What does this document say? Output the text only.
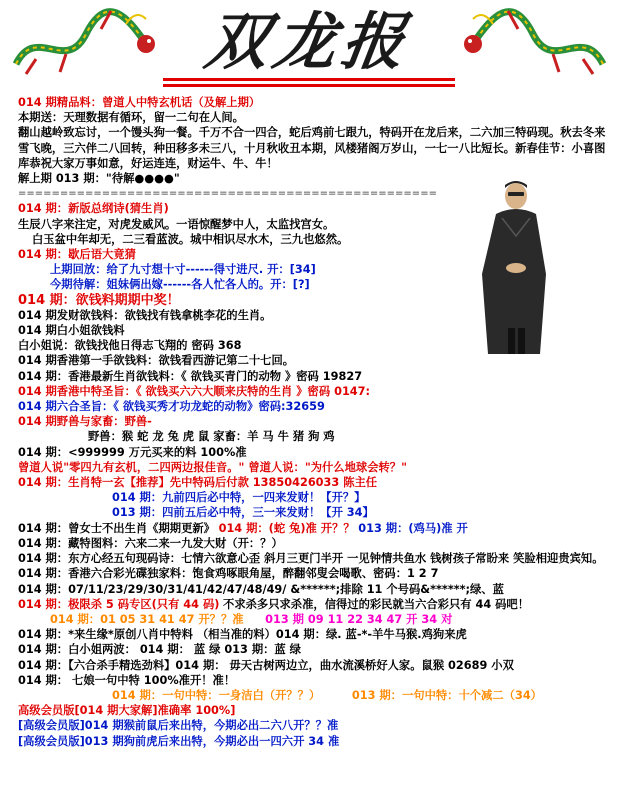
双龙报
014 期精品料：曾道人中特玄机话（及解上期）
本期送：天理数据有循环，留一二句在人间。
翻山越岭致忘讨，一个馒头狗一餐。千万不合一四合，蛇后鸡前七跟九，特码开在龙后来，二六加三特码现。秋去冬来雪飞晚，三六伴二八回转，种田移多未三八，十月秋收丑本期，风楼猪阁万岁山，一七一八比短长。新春佳节：小喜图库恭祝大家万事如意，好运连连，财运牛、牛、牛！
解上期 013 期："待解●●●●"
==================================================
014 期：新版总纲诗(猜生肖)
生辰八字来注定，对虎发威风。一语惊醒梦中人，太监找宫女。
白玉盆中年却无，二三看蓝波。城中相识尽水木，三九也悠然。
014 期：歇后语大竟猜
上期回放：给了九寸想十寸------得寸进尺. 开：[34]
今期待解：姐妹俩出嫁------各人忙各人的。开：[?]
014 期：欲钱料期期中奖！
014 期发财欲钱料：欲钱找有钱拿桃李花的生肖。
014 期白小姐欲钱料
白小姐说：欲钱找他日得志飞翔的 密码 368
014 期香港第一手欲钱料：欲钱看西游记第二十七回。
014 期：香港最新生肖欲钱料：《 欲钱买青门的动物 》密码 19827
014 期香港中特圣旨：《 欲钱买六六大顺来庆特的生肖 》密码 0147:
014 期六合圣旨：《 欲钱买秀才功龙蛇的动物》密码:32659
014 期野兽与家畜：野兽-
野兽：猴 蛇 龙 兔 虎 鼠 家畜：羊 马 牛 猪 狗 鸡
014 期：<999999 万元买来的料 100%准
曾道人说"零四九有玄机，二四两边报佳音。" 曾道人说："为什么地球会转？"
014 期：生肖特一玄【推荐】先中特码后付款 13850426033 陈主任
014 期：九前四后必中特，一四来发财！【开？】
013 期：四前五后必中特，三一来发财！【开 34】
014 期：曾女士不出生肖《期期更新》 014 期：(蛇 兔)准 开？？ 013 期：(鸡马)准 开
014 期：藏特图料：六来二来一九发大财（开：？）
014 期：东方心经五句现码诗：七情六欲意心歪 斜月三更门半开 一见钟情共鱼水 钱树孩子常盼来 笑脸相迎贵宾知。
014 期：香港六合彩光碟独家料：饱食鸡啄眼角屋，醉翻邻叟会喝歌、密码：1 2 7
014 期：07/11/23/29/30/31/41/42/47/48/49/ &******;排除 11 个号码&******;绿、蓝
014 期：极限杀 5 码专区(只有 44 码) 不求杀多只求杀准，信得过的彩民就当六合彩只有 44 码吧！
014 期：01 05 31 41 47 开？？准 013 期 09 11 22 34 47 开 34 对
014 期：*来生缘*原创八肖中特料 （相当准的料）014 期：绿. 蓝-*-羊牛马猴.鸡狗来虎
014 期：白小姐两波： 014 期： 蓝 绿 013 期：蓝 绿
014 期：【六合杀手精选劲料】014 期： 毋天古树两边立，曲水流溪桥好人家。鼠猴 02689 小双
014 期： 七娘一句中特 100%准开！准！
014 期：一句中特：一身洁白（开？？）	013 期：一句中特：十个减二（34）
高级会员版[014 期大家解]准确率 100%]
[高级会员版]014 期猴前鼠后来出特，今期必出二六八开？？准
[高级会员版]013 期狗前虎后来出特，今期必出一四六开 34 准
